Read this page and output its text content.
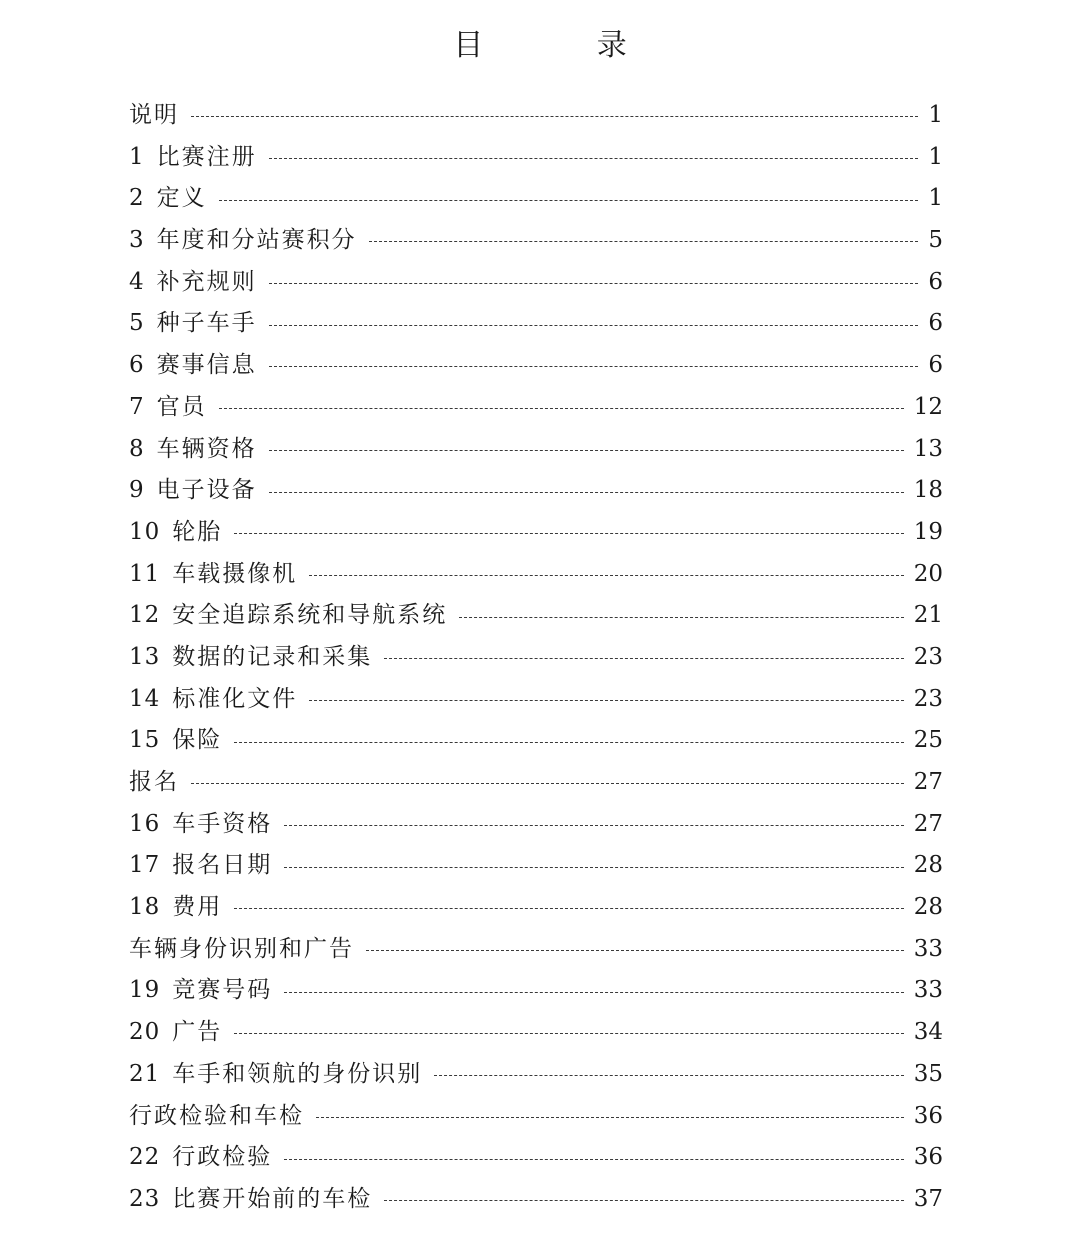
目 录
说明	1
1 比赛注册	1
2 定义	1
3 年度和分站赛积分	5
4 补充规则	6
5 种子车手	6
6 赛事信息	6
7 官员	12
8 车辆资格	13
9 电子设备	18
10 轮胎	19
11 车载摄像机	20
12 安全追踪系统和导航系统	21
13 数据的记录和采集	23
14 标准化文件	23
15 保险	25
报名	27
16 车手资格	27
17 报名日期	28
18 费用	28
车辆身份识别和广告	33
19 竞赛号码	33
20 广告	34
21 车手和领航的身份识别	35
行政检验和车检	36
22 行政检验	36
23 比赛开始前的车检	37
